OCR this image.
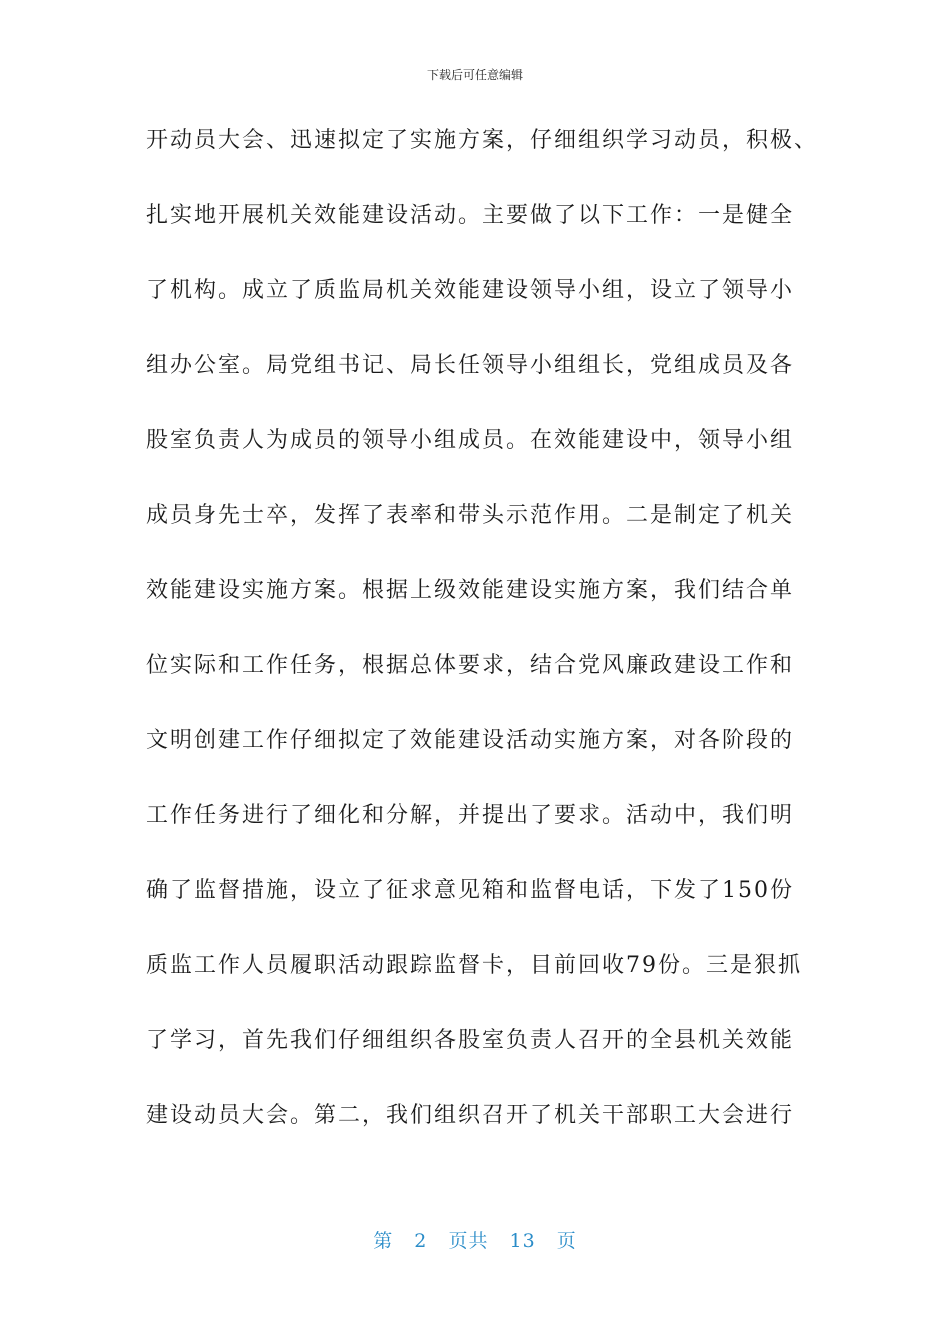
下载后可任意编辑
开动员大会、迅速拟定了实施方案，仔细组织学习动员，积极、
扎实地开展机关效能建设活动。主要做了以下工作：一是健全
了机构。成立了质监局机关效能建设领导小组，设立了领导小
组办公室。局党组书记、局长任领导小组组长，党组成员及各
股室负责人为成员的领导小组成员。在效能建设中，领导小组
成员身先士卒，发挥了表率和带头示范作用。二是制定了机关
效能建设实施方案。根据上级效能建设实施方案，我们结合单
位实际和工作任务，根据总体要求，结合党风廉政建设工作和
文明创建工作仔细拟定了效能建设活动实施方案，对各阶段的
工作任务进行了细化和分解，并提出了要求。活动中，我们明
确了监督措施，设立了征求意见箱和监督电话，下发了150份
质监工作人员履职活动跟踪监督卡，目前回收79份。三是狠抓
了学习，首先我们仔细组织各股室负责人召开的全县机关效能
建设动员大会。第二，我们组织召开了机关干部职工大会进行
第 2 页共 13 页
